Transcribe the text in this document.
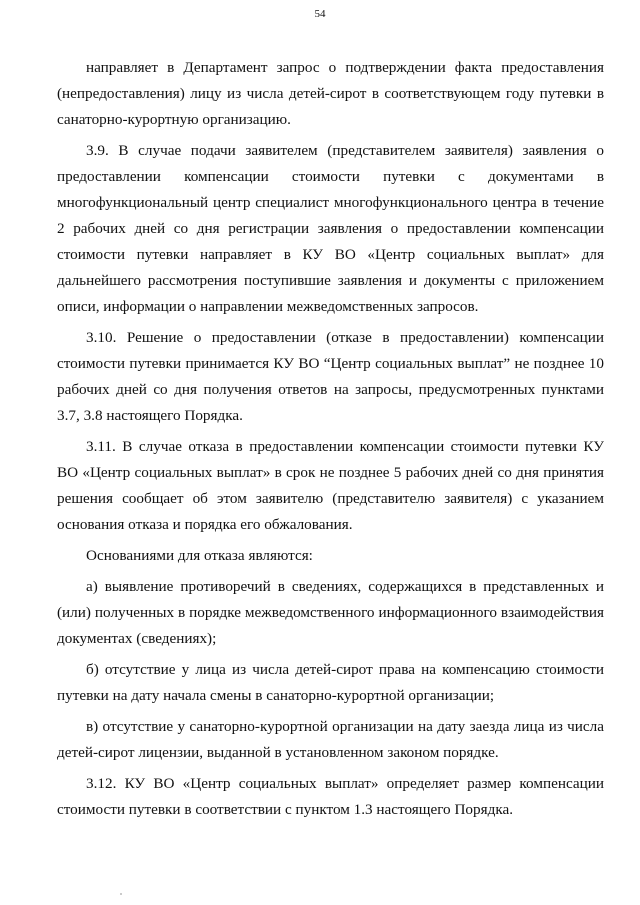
54

направляет в Департамент запрос о подтверждении факта предоставления (непредоставления) лицу из числа детей-сирот в соответствующем году путевки в санаторно-курортную организацию.

3.9. В случае подачи заявителем (представителем заявителя) заявления о предоставлении компенсации стоимости путевки с документами в многофункциональный центр специалист многофункционального центра в течение 2 рабочих дней со дня регистрации заявления о предоставлении компенсации стоимости путевки направляет в КУ ВО «Центр социальных выплат» для дальнейшего рассмотрения поступившие заявления и документы с приложением описи, информации о направлении межведомственных запросов.

3.10. Решение о предоставлении (отказе в предоставлении) компенсации стоимости путевки принимается КУ ВО “Центр социальных выплат” не позднее 10 рабочих дней со дня получения ответов на запросы, предусмотренных пунктами 3.7, 3.8 настоящего Порядка.

3.11. В случае отказа в предоставлении компенсации стоимости путевки КУ ВО «Центр социальных выплат» в срок не позднее 5 рабочих дней со дня принятия решения сообщает об этом заявителю (представителю заявителя) с указанием основания отказа и порядка его обжалования.

Основаниями для отказа являются:

а) выявление противоречий в сведениях, содержащихся в представленных и (или) полученных в порядке межведомственного информационного взаимодействия документах (сведениях);

б) отсутствие у лица из числа детей-сирот права на компенсацию стоимости путевки на дату начала смены в санаторно-курортной организации;

в) отсутствие у санаторно-курортной организации на дату заезда лица из числа детей-сирот лицензии, выданной в установленном законом порядке.

3.12. КУ ВО «Центр социальных выплат» определяет размер компенсации стоимости путевки в соответствии с пунктом 1.3 настоящего Порядка.
